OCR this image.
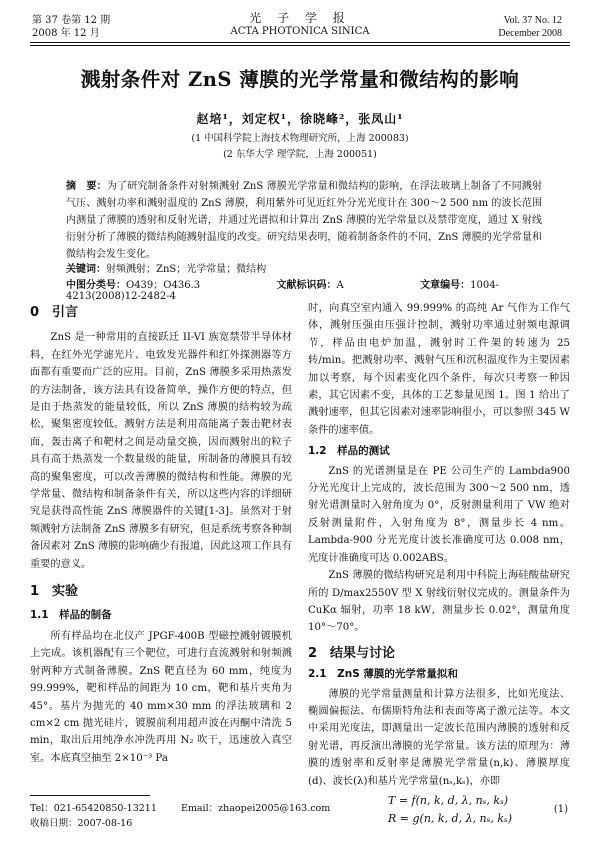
第 37 卷第 12 期
2008 年 12 月
光 子 学 报
ACTA PHOTONICA SINICA
Vol. 37 No. 12
December 2008
溅射条件对 ZnS 薄膜的光学常量和微结构的影响
赵培¹，刘定权¹，徐晓峰²，张凤山¹
(1 中国科学院上海技术物理研究所，上海 200083)
(2 东华大学 理学院，上海 200051)
摘　要：为了研究制备条件对射频溅射 ZnS 薄膜光学常量和微结构的影响，在浮法玻璃上制备了不同溅射气压、溅射功率和溅射温度的 ZnS 薄膜，利用紫外可见近红外分光光度计在 300～2 500 nm 的波长范围内测量了薄膜的透射和反射光谱，并通过光谱拟和计算出 ZnS 薄膜的光学常量以及禁带宽度，通过 X 射线衍射分析了薄膜的微结构随溅射温度的改变。研究结果表明，随着制备条件的不同，ZnS 薄膜的光学常量和微结构会发生变化。
关键词：射频溅射；ZnS；光学常量；微结构
中图分类号：O439；O436.3	文献标识码：A	文章编号：1004-4213(2008)12-2482-4
0　引言

ZnS 是一种常用的直接跃迁 II-VI 族宽禁带半导体材料，在红外光学滤光片、电致发光器件和红外探测器等方面都有重要而广泛的应用。目前，ZnS 薄膜多采用热蒸发的方法制备，该方法具有设备简单，操作方便的特点，但是由于热蒸发的能量较低，所以 ZnS 薄膜的结构较为疏松，聚集密度较低。溅射方法是利用高能离子轰击靶材表面，轰击离子和靶材之间是动量交换，因而溅射出的粒子具有高于热蒸发一个数量级的能量，所制备的薄膜具有较高的聚集密度，可以改善薄膜的微结构和性能。薄膜的光学常量、微结构和制备条件有关，所以这些内容的详细研究是获得高性能 ZnS 薄膜器件的关键[1-3]。虽然对于射频溅射方法制备 ZnS 薄膜多有研究，但是系统考察各种制备因素对 ZnS 薄膜的影响确少有报道，因此这项工作具有重要的意义。

1　实验
1.1　样品的制备

所有样品均在北仪产 JPGF-400B 型磁控溅射镀膜机上完成。该机器配有三个靶位，可进行直流溅射和射频溅射两种方式制备薄膜。ZnS 靶直径为 60 mm，纯度为 99.999%，靶和样品的间距为 10 cm，靶和基片夹角为 45°。基片为抛光的 40 mm×30 mm 的浮法玻璃和 2 cm×2 cm 抛光硅片，镀膜前利用超声波在丙酮中清洗 5 min，取出后用纯净水冲洗再用 N₂ 吹干，迅速放入真空室。本底真空抽至 2×10⁻³ Pa

时，向真空室内通入 99.999% 的高纯 Ar 气作为工作气体，溅射压强由压强计控制，溅射功率通过射频电源调节，样品由电炉加温，溅射时工件架的转速为 25 转/min。把溅射功率、溅射气压和沉积温度作为主要因素加以考察，每个因素变化四个条件，每次只考察一种因素，其它因素不变，具体的工艺参量见图 1。图 1 给出了溅射速率，但其它因素对速率影响很小，可以参照 345 W 条件的速率值。

1.2　样品的测试

ZnS 的光谱测量是在 PE 公司生产的 Lambda900 分光光度计上完成的，波长范围为 300～2 500 nm，透射光谱测量时入射角度为 0°，反射测量利用了 VW 绝对反射测量附件，入射角度为 8°，测量步长 4 nm。Lambda-900 分光光度计波长准确度可达 0.008 nm，光度计准确度可达 0.002ABS。

ZnS 薄膜的微结构研究是利用中科院上海硅酸盐研究所的 D/max2550V 型 X 射线衍射仪完成的。测量条件为 CuKα 辐射，功率 18 kW，测量步长 0.02°，测量角度 10°～70°。

2　结果与讨论
2.1　ZnS 薄膜的光学常量拟和

薄膜的光学常量测量和计算方法很多，比如光度法、椭圆偏振法、布儒斯特角法和表面等离子激元法等。本文中采用光度法，即测量出一定波长范围内薄膜的透射和反射光谱，再反演出薄膜的光学常量。该方法的原理为：薄膜的透射率和反射率是薄膜光学常量(n,k)、薄膜厚度(d)、波长(λ)和基片光学常量(nₛ,kₛ)，亦即

T = f(n, k, d, λ, nₛ, kₛ)
R = g(n, k, d, λ, nₛ, kₛ)
(1)
Tel：021-65420850-13211	Email：zhaopei2005@163.com
收稿日期：2007-08-16
